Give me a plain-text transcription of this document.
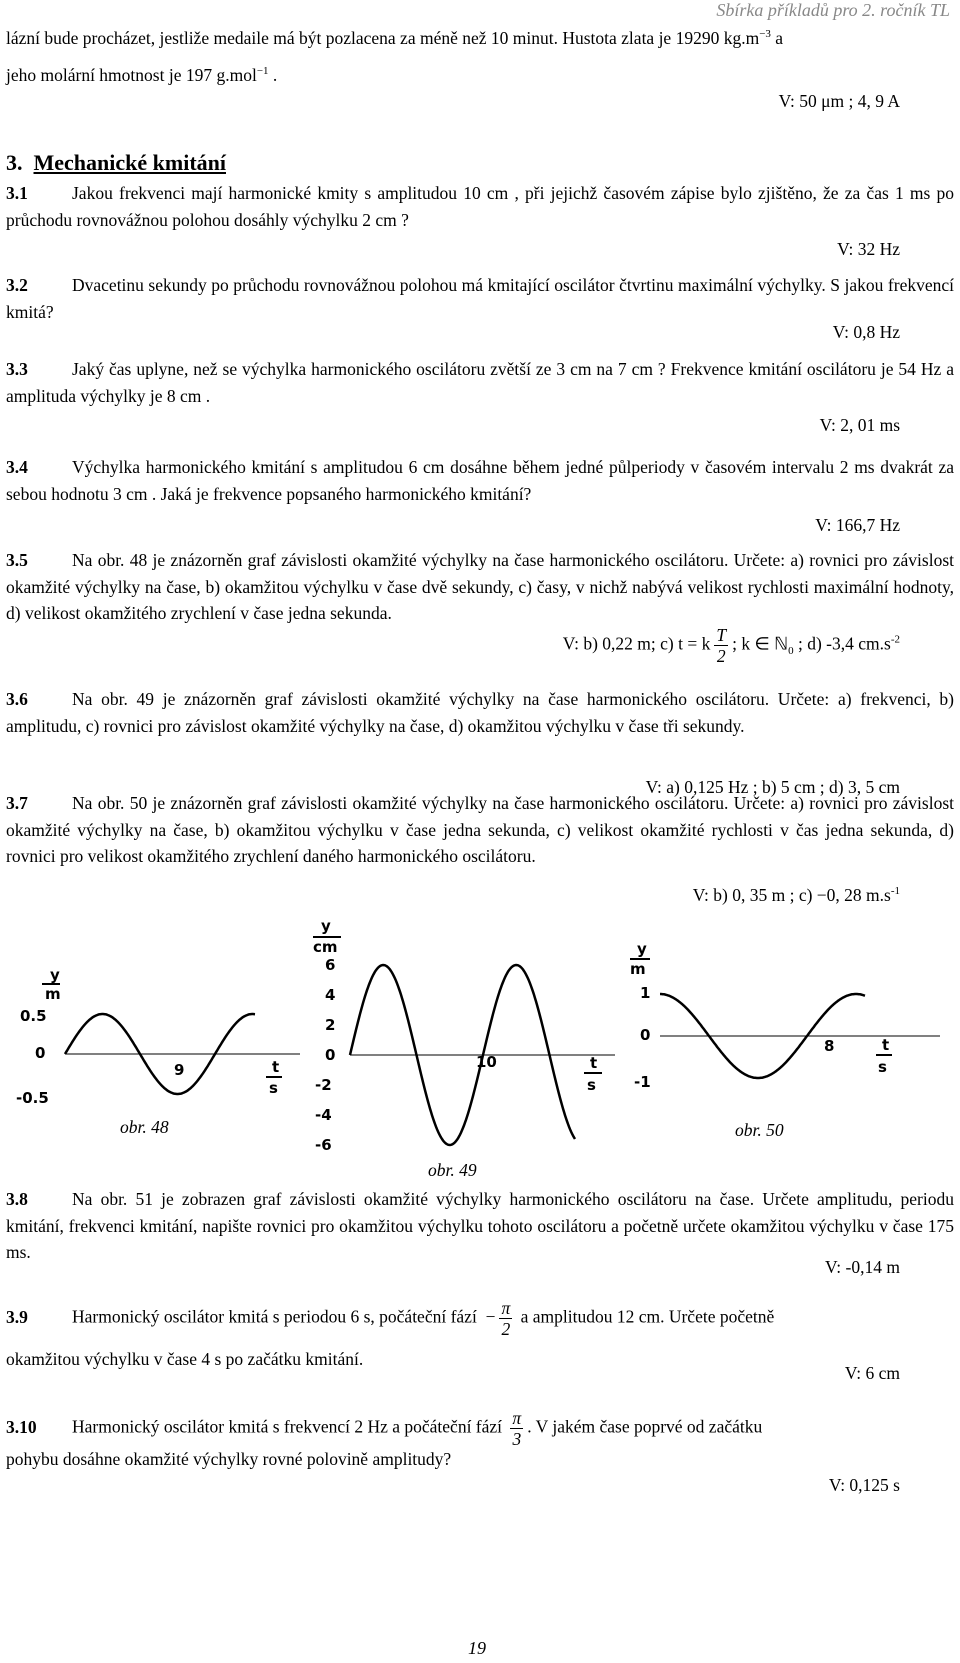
Sbírka příkladů pro 2. ročník TL
lázní bude procházet, jestliže medaile má být pozlacena za méně než 10 minut. Hustota zlata je 19290 $kg.m^{-3}$ a
jeho molární hmotnost je 197 g.mol$^{-1}$ .
V: 50 μm ; 4, 9 A
3. Mechanické kmitání
3.1	Jakou frekvenci mají harmonické kmity s amplitudou 10 cm , při jejichž časovém zápise bylo zjištěno, že za čas 1 ms po průchodu rovnovážnou polohou dosáhly výchylku 2 cm ?
V: 32 Hz
3.2	Dvacetinu sekundy po průchodu rovnovážnou polohou má kmitající oscilátor čtvrtinu maximální výchylky. S jakou frekvencí kmitá?
V: 0,8 Hz
3.3	Jaký čas uplyne, než se výchylka harmonického oscilátoru zvětší ze 3 cm na 7 cm ? Frekvence kmitání oscilátoru je 54 Hz a amplituda výchylky je 8 cm .
V: 2, 01 ms
3.4	Výchylka harmonického kmitání s amplitudou 6 cm dosáhne během jedné půlperiody v časovém intervalu 2 ms dvakrát za sebou hodnotu 3 cm . Jaká je frekvence popsaného harmonického kmitání?
V: 166,7 Hz
3.5	Na obr. 48 je znázorněn graf závislosti okamžité výchylky na čase harmonického oscilátoru. Určete: a) rovnici pro závislost okamžité výchylky na čase, b) okamžitou výchylku v čase dvě sekundy, c) časy, v nichž nabývá velikost rychlosti maximální hodnoty, d) velikost okamžitého zrychlení v čase jedna sekunda.
V: b) 0,22 m; c) t = k $\frac{T}{2}$ ; k ∈ ℕ$_0$ ; d) -3,4 $cm.s^{-2}$
3.6	Na obr. 49 je znázorněn graf závislosti okamžité výchylky na čase harmonického oscilátoru. Určete: a) frekvenci, b) amplitudu, c) rovnici pro závislost okamžité výchylky na čase, d) okamžitou výchylku v čase tři sekundy.
V: a) 0,125 Hz ; b) 5 cm ; d) 3, 5 cm
3.7	Na obr. 50 je znázorněn graf závislosti okamžité výchylky na čase harmonického oscilátoru. Určete: a) rovnici pro závislost okamžité výchylky na čase, b) okamžitou výchylku v čase jedna sekunda, c) velikost okamžité rychlosti v čas jedna sekunda, d) rovnici pro velikost okamžitého zrychlení daného harmonického oscilátoru.
V: b) 0, 35 m ; c) −0, 28 $m.s^{-1}$
y
m
0.5
0
-0.5
9	t
s
obr. 48
y
cm
6
4
2
0
-2
-4
-6
10	t
s
obr. 49
y
m
1
0
-1
8	t
s
obr. 50
3.8	Na obr. 51 je zobrazen graf závislosti okamžité výchylky harmonického oscilátoru na čase. Určete amplitudu, periodu kmitání, frekvenci kmitání, napište rovnici pro okamžitou výchylku tohoto oscilátoru a početně určete okamžitou výchylku v čase 175 ms.
V: -0,14 m
3.9	Harmonický oscilátor kmitá s periodou 6 s, počáteční fází − $\frac{\pi}{2}$ a amplitudou 12 cm. Určete početně
okamžitou výchylku v čase 4 s po začátku kmitání.
V: 6 cm
3.10 Harmonický oscilátor kmitá s frekvencí 2 Hz a počáteční fází $\frac{\pi}{3}$ . V jakém čase poprvé od začátku
pohybu dosáhne okamžité výchylky rovné polovině amplitudy?
V: 0,125 s
19
